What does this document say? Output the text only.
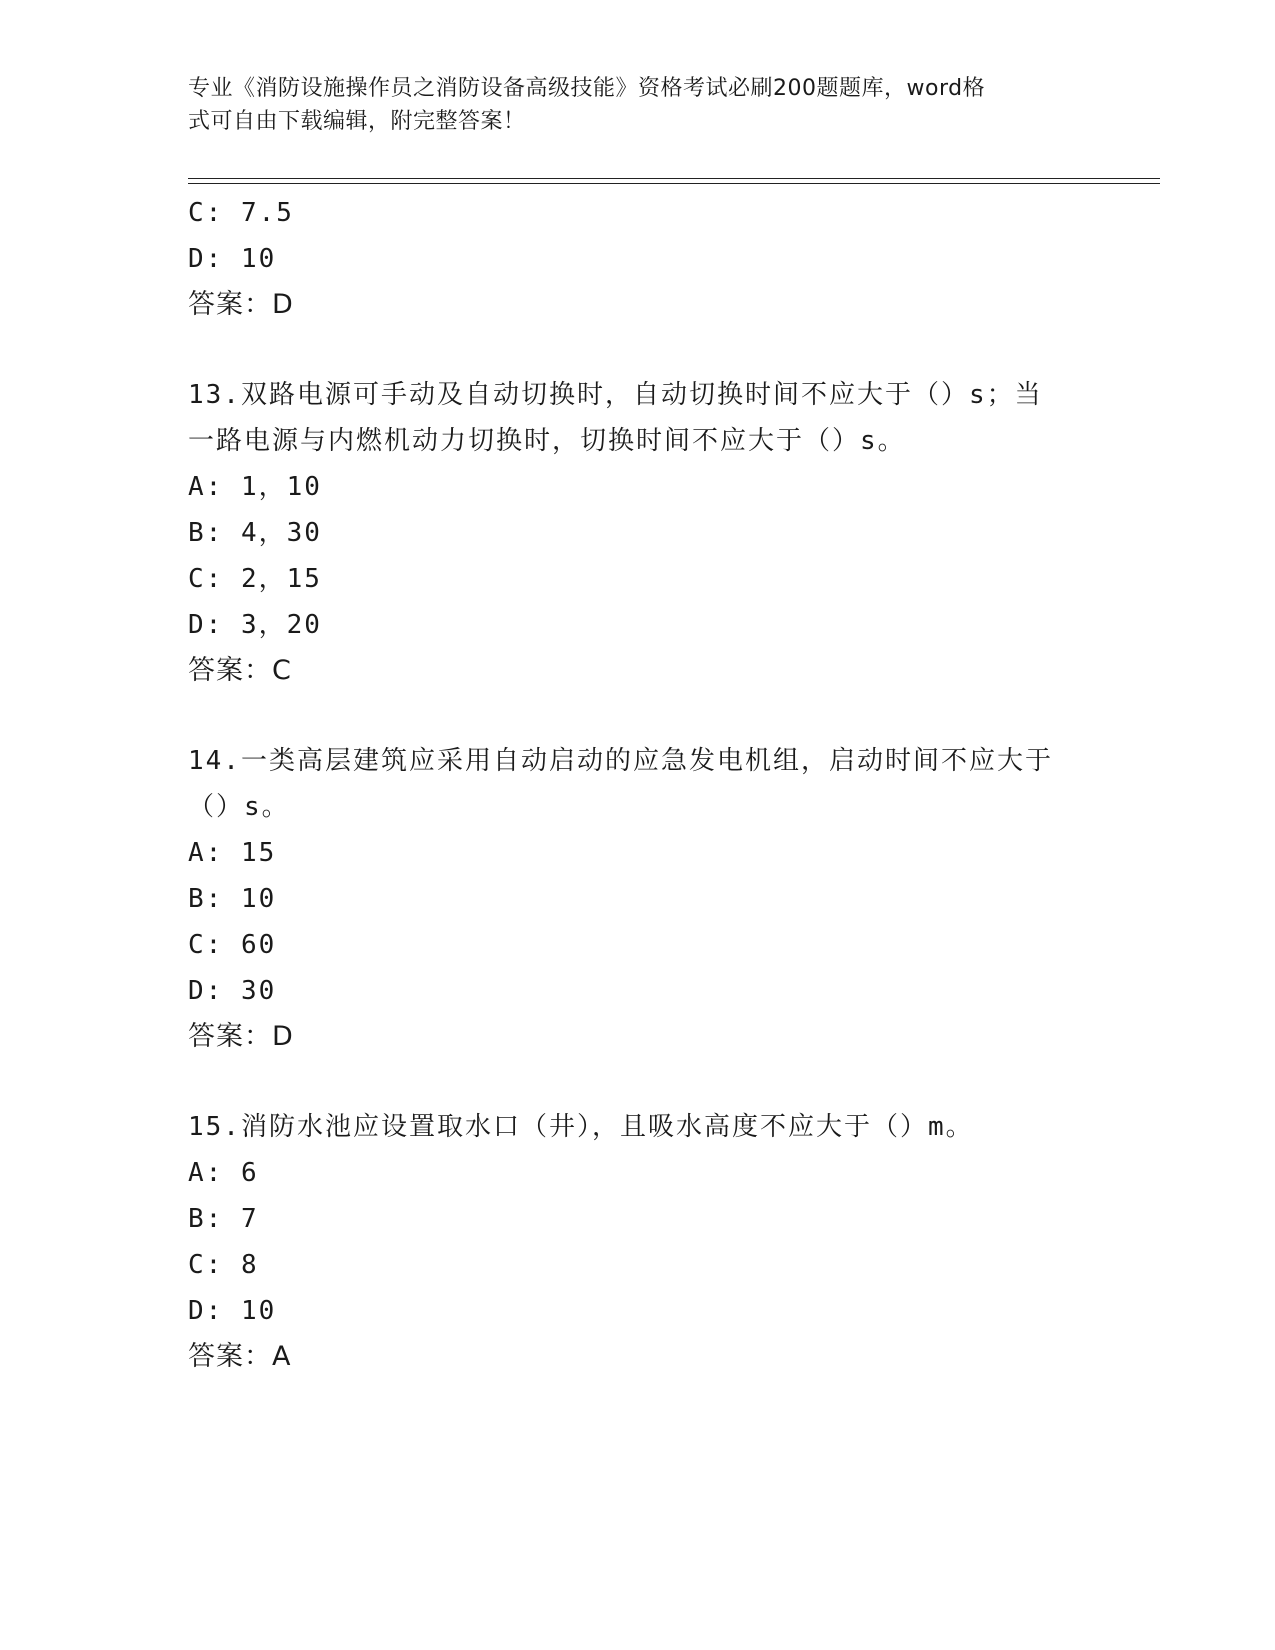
专业《消防设施操作员之消防设备高级技能》资格考试必刷200题题库，word格
式可自由下载编辑，附完整答案！
C: 7.5
D: 10
答案：D
13.双路电源可手动及自动切换时，自动切换时间不应大于（）s；当
一路电源与内燃机动力切换时，切换时间不应大于（）s。
A: 1，10
B: 4，30
C: 2，15
D: 3，20
答案：C
14.一类高层建筑应采用自动启动的应急发电机组，启动时间不应大于
（）s。
A: 15
B: 10
C: 60
D: 30
答案：D
15.消防水池应设置取水口（井），且吸水高度不应大于（）m。
A: 6
B: 7
C: 8
D: 10
答案：A
